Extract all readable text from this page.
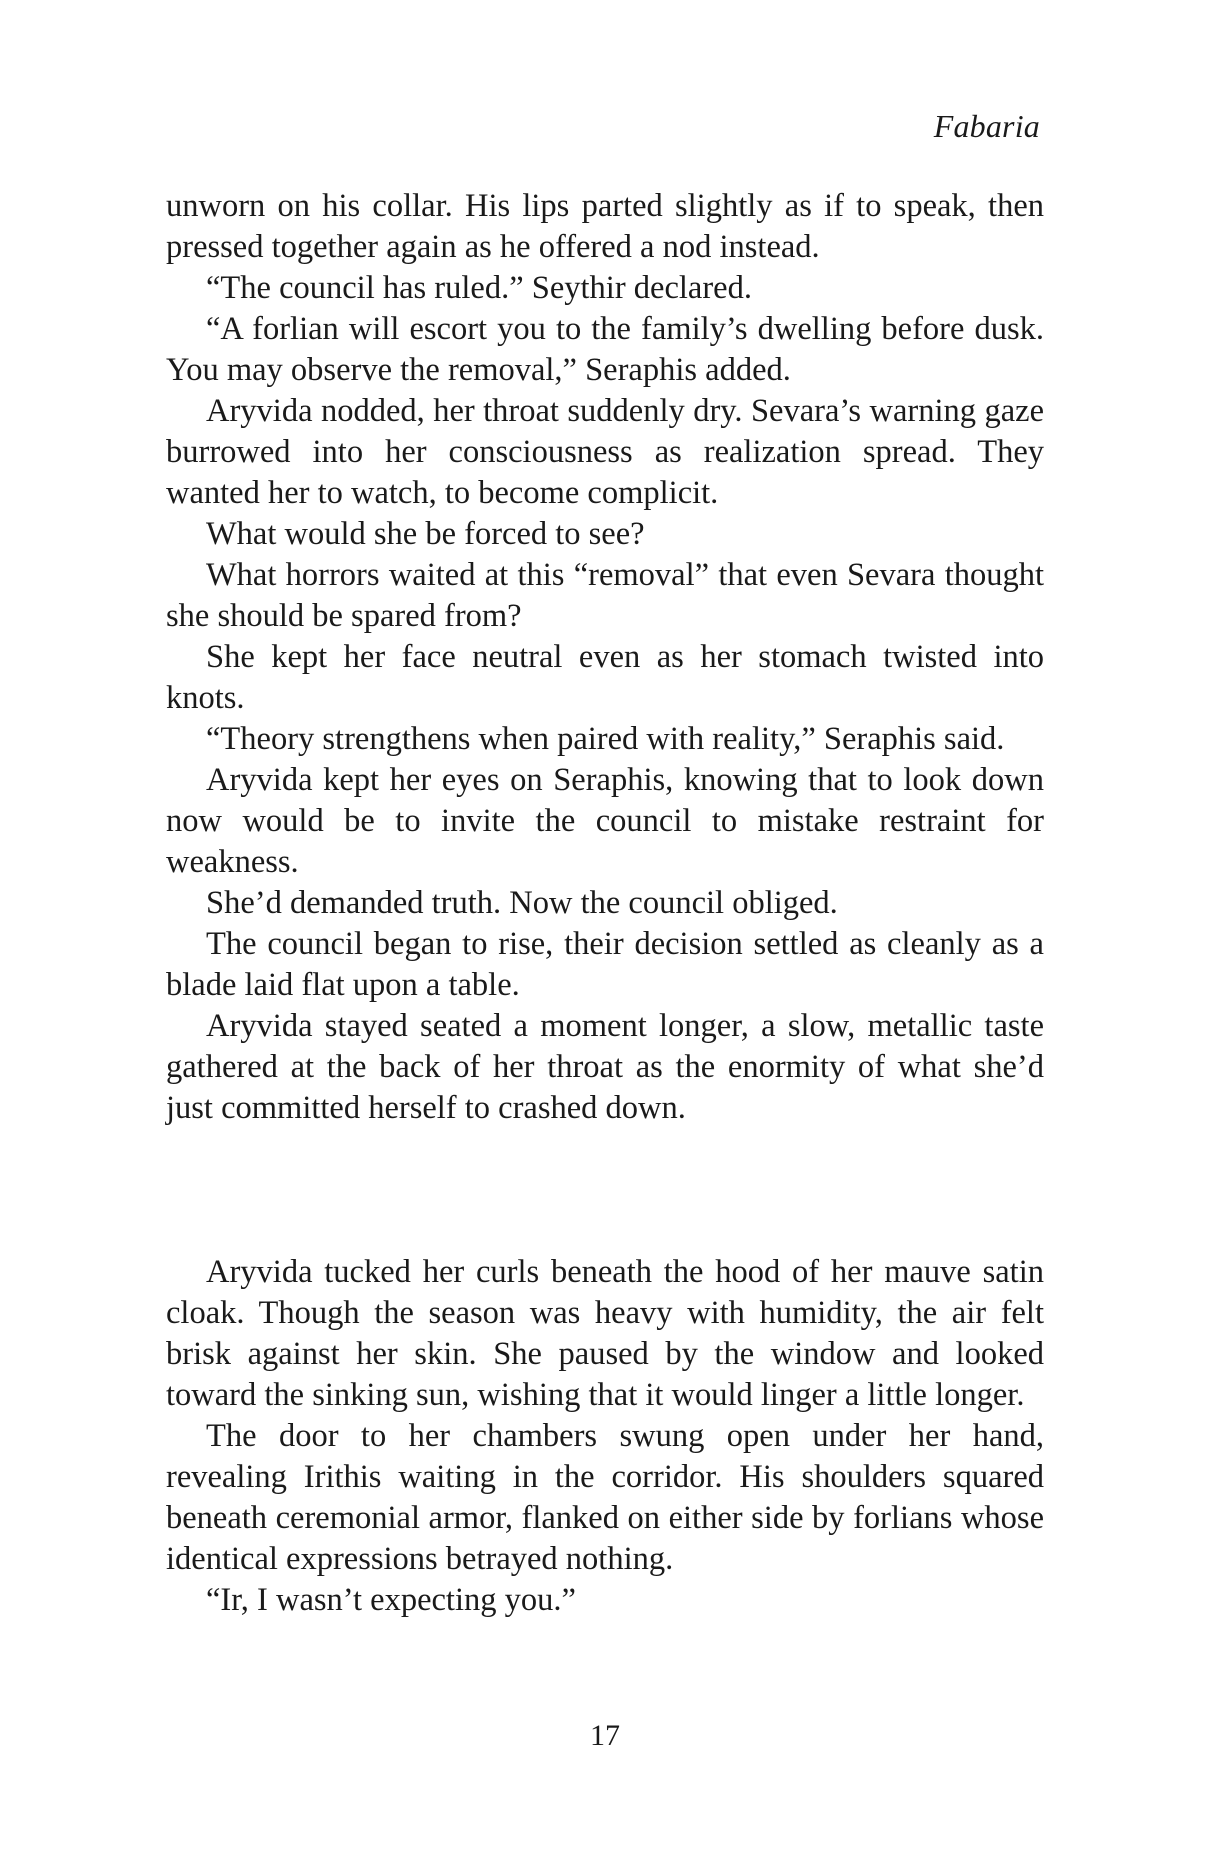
Fabaria

unworn on his collar. His lips parted slightly as if to speak, then pressed together again as he offered a nod instead.

“The council has ruled.” Seythir declared.

“A forlian will escort you to the family’s dwelling before dusk. You may observe the removal,” Seraphis added.

Aryvida nodded, her throat suddenly dry. Sevara’s warning gaze burrowed into her consciousness as realization spread. They wanted her to watch, to become complicit.

What would she be forced to see?

What horrors waited at this “removal” that even Sevara thought she should be spared from?

She kept her face neutral even as her stomach twisted into knots.

“Theory strengthens when paired with reality,” Seraphis said.

Aryvida kept her eyes on Seraphis, knowing that to look down now would be to invite the council to mistake restraint for weakness.

She’d demanded truth. Now the council obliged.

The council began to rise, their decision settled as cleanly as a blade laid flat upon a table.

Aryvida stayed seated a moment longer, a slow, metallic taste gathered at the back of her throat as the enormity of what she’d just committed herself to crashed down.

Aryvida tucked her curls beneath the hood of her mauve satin cloak. Though the season was heavy with humidity, the air felt brisk against her skin. She paused by the window and looked toward the sinking sun, wishing that it would linger a little longer.

The door to her chambers swung open under her hand, revealing Irithis waiting in the corridor. His shoulders squared beneath ceremonial armor, flanked on either side by forlians whose identical expressions betrayed nothing.

“Ir, I wasn’t expecting you.”

17
